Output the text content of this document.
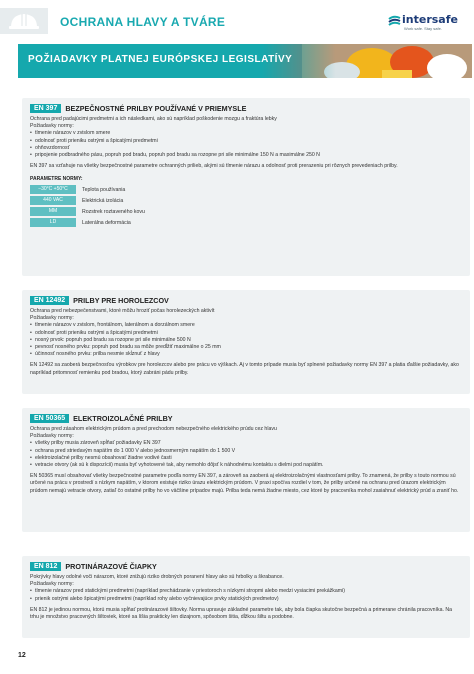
OCHRANA HLAVY A TVÁRE	intersafe
Work safe. Stay safe.
POŽIADAVKY PLATNEJ EURÓPSKEJ LEGISLATÍVY
EN 397	BEZPEČNOSTNÉ PRILBY POUŽÍVANÉ V PRIEMYSLE
Ochrana pred padajúcimi predmetmi a ich následkami, ako sú napríklad poškodenie mozgu a fraktúra lebky
Požiadavky normy:
• tlmenie nárazov v zvislom smere
• odolnosť proti prieniku ostrými a špicatými predmetmi
• ohňovzdornosť
• pripojenie podbradného pásu, popruh pod bradu, popruh pod bradu sa rozopne pri sile minimálne 150 N a maximálne 250 N
EN 397 sa vzťahuje na všetky bezpečnostné parametre ochranných prilieb, akými sú tlmenie nárazu a odolnosť proti prerazeniu pri rôznych prevedeniach prilby.
PARAMETRE NORMY:
−30°C +50°C	Teplota používania
440 VAC	Elektrická izolácia
MM	Rozstrek roztaveného kovu
LD	Laterálna deformácia
EN 12492	PRILBY PRE HOROLEZCOV
Ochrana pred nebezpečenstvami, ktoré môžu hroziť počas horolezeckých aktivít
Požiadavky normy:
• tlmenie nárazov v zvislom, frontálnom, laterálnom a dorzálnom smere
• odolnosť proti prieniku ostrými a špicatými predmetmi
• nosný prvok: popruh pod bradu sa rozopne pri sile minimálne 500 N
• pevnosť nosného prvku: popruh pod bradu sa môže predĺžiť maximálne o 25 mm
• účinnosť nosného prvku: prilba nesmie skĺznuť z hlavy
EN 12492 sa zaoberá bezpečnosťou výrobkov pre horolezcov alebo pre prácu vo výškach. Aj v tomto prípade musia byť splnené požiadavky normy EN 397 a platia ďalšie požiadavky, ako napríklad pritomnosť remienku pod bradou, ktorý zabráni pádu prilby.
EN 50365	ELEKTROIZOLAČNÉ PRILBY
Ochrana pred zásahom elektrickým prúdom a pred prechodom nebezpečného elektrického prúdu cez hlavu
Požiadavky normy:
• všetky prilby musia zároveň spĺňať požiadavky EN 397
• ochrana pred striedavým napätím do 1 000 V alebo jednosmerným napätím do 1 500 V
• elektroizolačné prilby nesmú obsahovať žiadne vodivé časti
• vetracie otvory (ak sú k dispozícii) musia byť vyhotovené tak, aby nemohlo dôjsť k náhodnému kontaktu s dielmi pod napätím.
EN 50365 musí obsahovať všetky bezpečnostné parametre podľa normy EN 397, a zároveň sa zaoberá aj elektroizolačnými vlastnosťami prilby. To znamená, že prilby s touto normou sú určené na prácu v prostredí s nízkym napätím, v ktorom existuje riziko úrazu elektrickým prúdom. V praxi spočíva rozdiel v tom, že prilby určené na ochranu pred úrazom elektrickým prúdom nemajú vetracie otvory, zatiaľ čo ostatné prilby ho vo väčšine prípadov majú. Prilba teda nemá žiadne miesto, cez ktoré by pracovníka mohol zasiahnuť elektrický prúd a zraniť ho.
EN 812	PROTINÁRAZOVÉ ČIAPKY
Pokrývky hlavy odolné voči nárazom, ktoré znižujú riziko drobných poranení hlavy ako sú hrbolky a škrabance.
Požiadavky normy:
• tlmenie nárazov pred statickými predmetmi (napríklad prechádzanie v priestoroch s nízkymi stropmi alebo medzi vysiacimi prekážkami)
• prienik ostrými alebo špicatými predmetmi (napríklad rohy alebo vyčnievajúce prvky statických predmetov)
EN 812 je jedinou normou, ktorú musia spĺňať protinárazové šiltovky. Norma upravuje základné parametre tak, aby bola čiapka skutočne bezpečná a primerane chránila pracovníka. Na trhu je množstvo pracovných šiltoviek, ktoré sa líšia prakticky len dizajnom, spôsobom šitia, dĺžkou šiltu a podobne.
12
